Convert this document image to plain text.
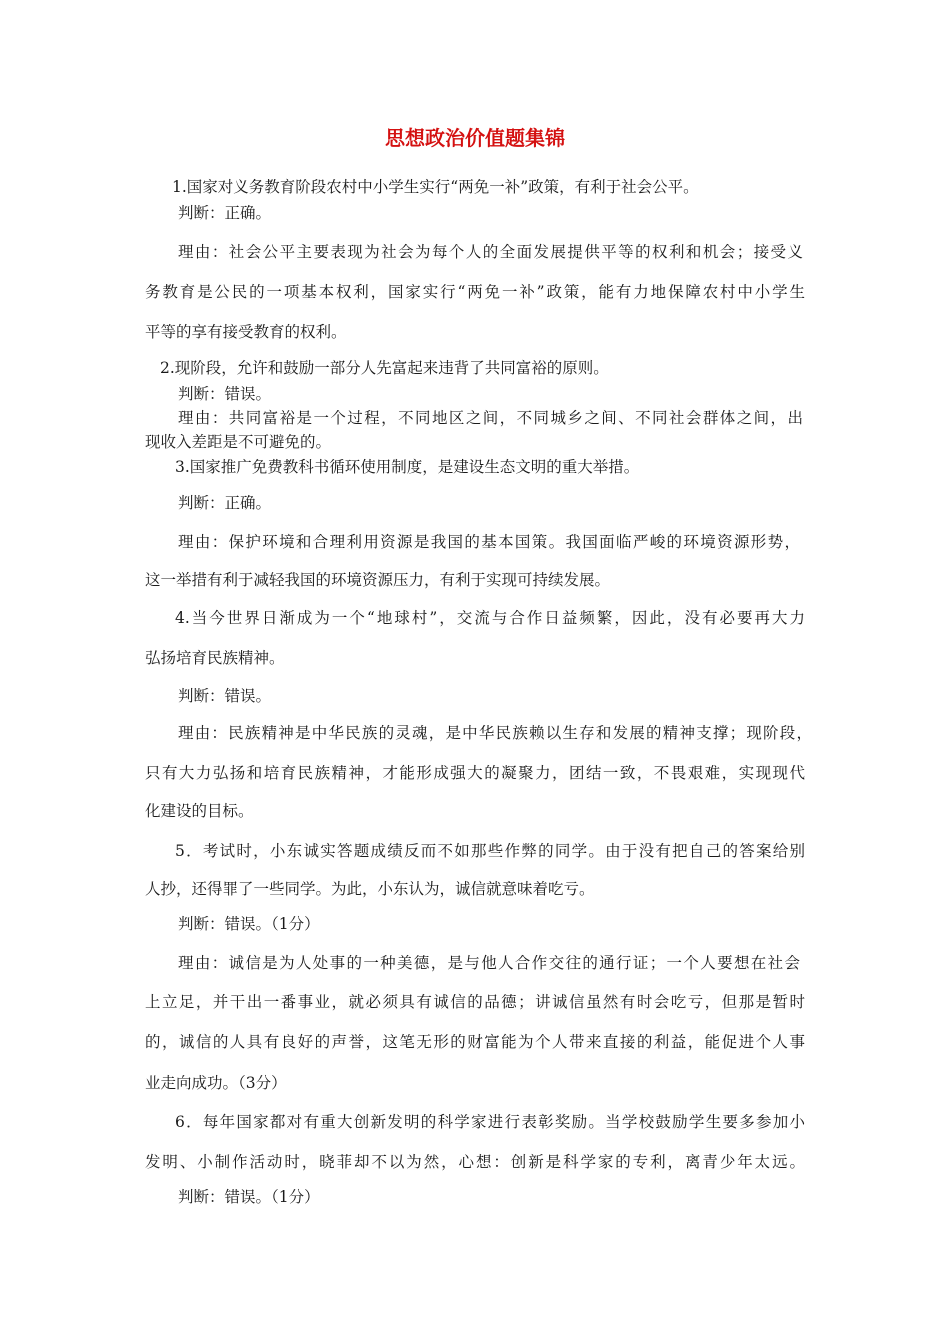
思想政治价值题集锦
1.国家对义务教育阶段农村中小学生实行“两免一补”政策，有利于社会公平。
判断：正确。
理由：社会公平主要表现为社会为每个人的全面发展提供平等的权利和机会；接受义
务教育是公民的一项基本权利，国家实行“两免一补”政策，能有力地保障农村中小学生
平等的享有接受教育的权利。
2.现阶段，允许和鼓励一部分人先富起来违背了共同富裕的原则。
判断：错误。
理由：共同富裕是一个过程，不同地区之间，不同城乡之间、不同社会群体之间，出
现收入差距是不可避免的。
3.国家推广免费教科书循环使用制度，是建设生态文明的重大举措。
判断：正确。
理由：保护环境和合理利用资源是我国的基本国策。我国面临严峻的环境资源形势，
这一举措有利于减轻我国的环境资源压力，有利于实现可持续发展。
4.当今世界日渐成为一个“地球村”，交流与合作日益频繁，因此，没有必要再大力
弘扬培育民族精神。
判断：错误。
理由：民族精神是中华民族的灵魂，是中华民族赖以生存和发展的精神支撑；现阶段，
只有大力弘扬和培育民族精神，才能形成强大的凝聚力，团结一致，不畏艰难，实现现代
化建设的目标。
5．考试时，小东诚实答题成绩反而不如那些作弊的同学。由于没有把自己的答案给别
人抄，还得罪了一些同学。为此，小东认为，诚信就意味着吃亏。
判断：错误。（1分）
理由：诚信是为人处事的一种美德，是与他人合作交往的通行证；一个人要想在社会
上立足，并干出一番事业，就必须具有诚信的品德；讲诚信虽然有时会吃亏，但那是暂时
的，诚信的人具有良好的声誉，这笔无形的财富能为个人带来直接的利益，能促进个人事
业走向成功。（3分）
6．每年国家都对有重大创新发明的科学家进行表彰奖励。当学校鼓励学生要多参加小
发明、小制作活动时，晓菲却不以为然，心想：创新是科学家的专利，离青少年太远。
判断：错误。（1分）
